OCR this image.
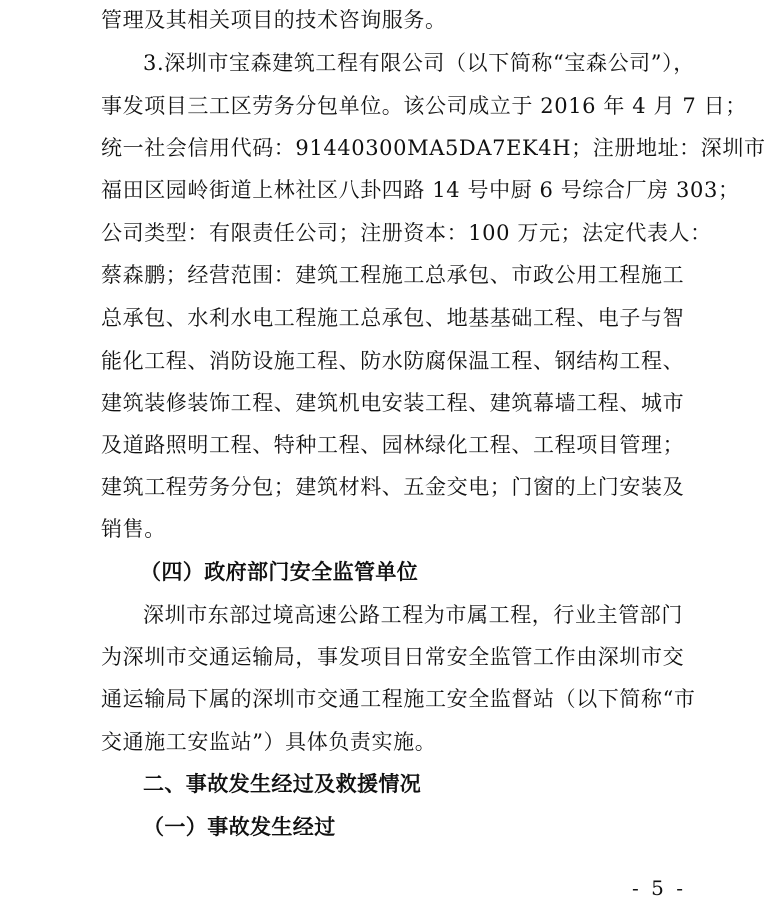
管理及其相关项目的技术咨询服务。
3.深圳市宝森建筑工程有限公司（以下简称“宝森公司”），
事发项目三工区劳务分包单位。该公司成立于 2016 年 4 月 7 日；
统一社会信用代码：91440300MA5DA7EK4H；注册地址：深圳市
福田区园岭街道上林社区八卦四路 14 号中厨 6 号综合厂房 303；
公司类型：有限责任公司；注册资本：100 万元；法定代表人：
蔡森鹏；经营范围：建筑工程施工总承包、市政公用工程施工
总承包、水利水电工程施工总承包、地基基础工程、电子与智
能化工程、消防设施工程、防水防腐保温工程、钢结构工程、
建筑装修装饰工程、建筑机电安装工程、建筑幕墙工程、城市
及道路照明工程、特种工程、园林绿化工程、工程项目管理；
建筑工程劳务分包；建筑材料、五金交电；门窗的上门安装及
销售。
（四）政府部门安全监管单位
深圳市东部过境高速公路工程为市属工程，行业主管部门
为深圳市交通运输局，事发项目日常安全监管工作由深圳市交
通运输局下属的深圳市交通工程施工安全监督站（以下简称“市
交通施工安监站”）具体负责实施。
二、事故发生经过及救援情况
（一）事故发生经过
- 5 -
